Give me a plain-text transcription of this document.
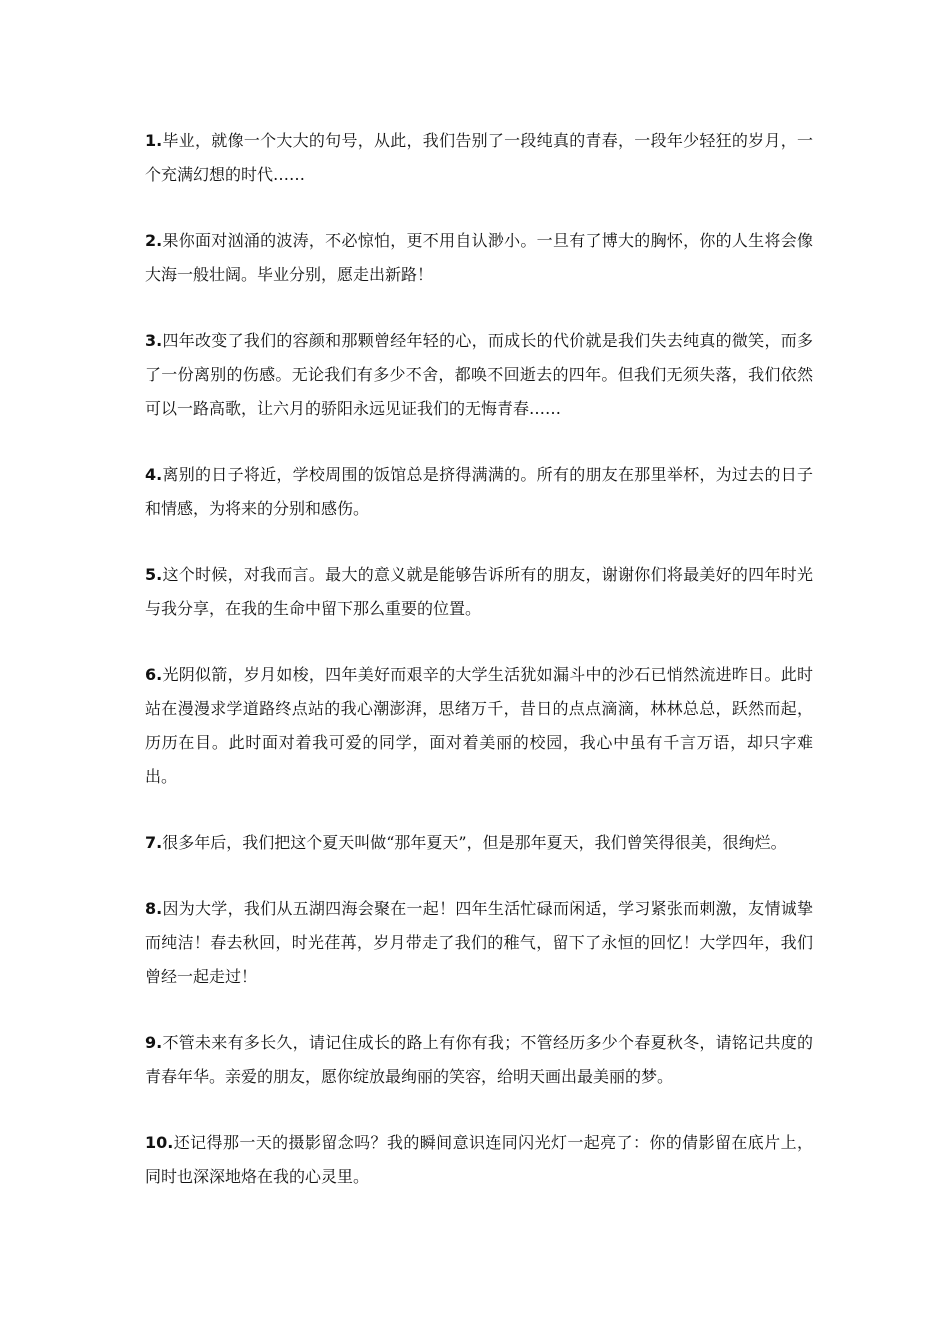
1.毕业，就像一个大大的句号，从此，我们告别了一段纯真的青春，一段年少轻狂的岁月，一个充满幻想的时代……

2.果你面对汹涌的波涛，不必惊怕，更不用自认渺小。一旦有了博大的胸怀，你的人生将会像大海一般壮阔。毕业分别，愿走出新路！

3.四年改变了我们的容颜和那颗曾经年轻的心，而成长的代价就是我们失去纯真的微笑，而多了一份离别的伤感。无论我们有多少不舍，都唤不回逝去的四年。但我们无须失落，我们依然可以一路高歌，让六月的骄阳永远见证我们的无悔青春……

4.离别的日子将近，学校周围的饭馆总是挤得满满的。所有的朋友在那里举杯，为过去的日子和情感，为将来的分别和感伤。

5.这个时候，对我而言。最大的意义就是能够告诉所有的朋友，谢谢你们将最美好的四年时光与我分享，在我的生命中留下那么重要的位置。

6.光阴似箭，岁月如梭，四年美好而艰辛的大学生活犹如漏斗中的沙石已悄然流进昨日。此时站在漫漫求学道路终点站的我心潮澎湃，思绪万千，昔日的点点滴滴，林林总总，跃然而起，历历在目。此时面对着我可爱的同学，面对着美丽的校园，我心中虽有千言万语，却只字难出。

7.很多年后，我们把这个夏天叫做“那年夏天”，但是那年夏天，我们曾笑得很美，很绚烂。

8.因为大学，我们从五湖四海会聚在一起！四年生活忙碌而闲适，学习紧张而刺激，友情诚挚而纯洁！春去秋回，时光荏苒，岁月带走了我们的稚气，留下了永恒的回忆！大学四年，我们曾经一起走过！

9.不管未来有多长久，请记住成长的路上有你有我；不管经历多少个春夏秋冬，请铭记共度的青春年华。亲爱的朋友，愿你绽放最绚丽的笑容，给明天画出最美丽的梦。

10.还记得那一天的摄影留念吗？我的瞬间意识连同闪光灯一起亮了：你的倩影留在底片上，同时也深深地烙在我的心灵里。
